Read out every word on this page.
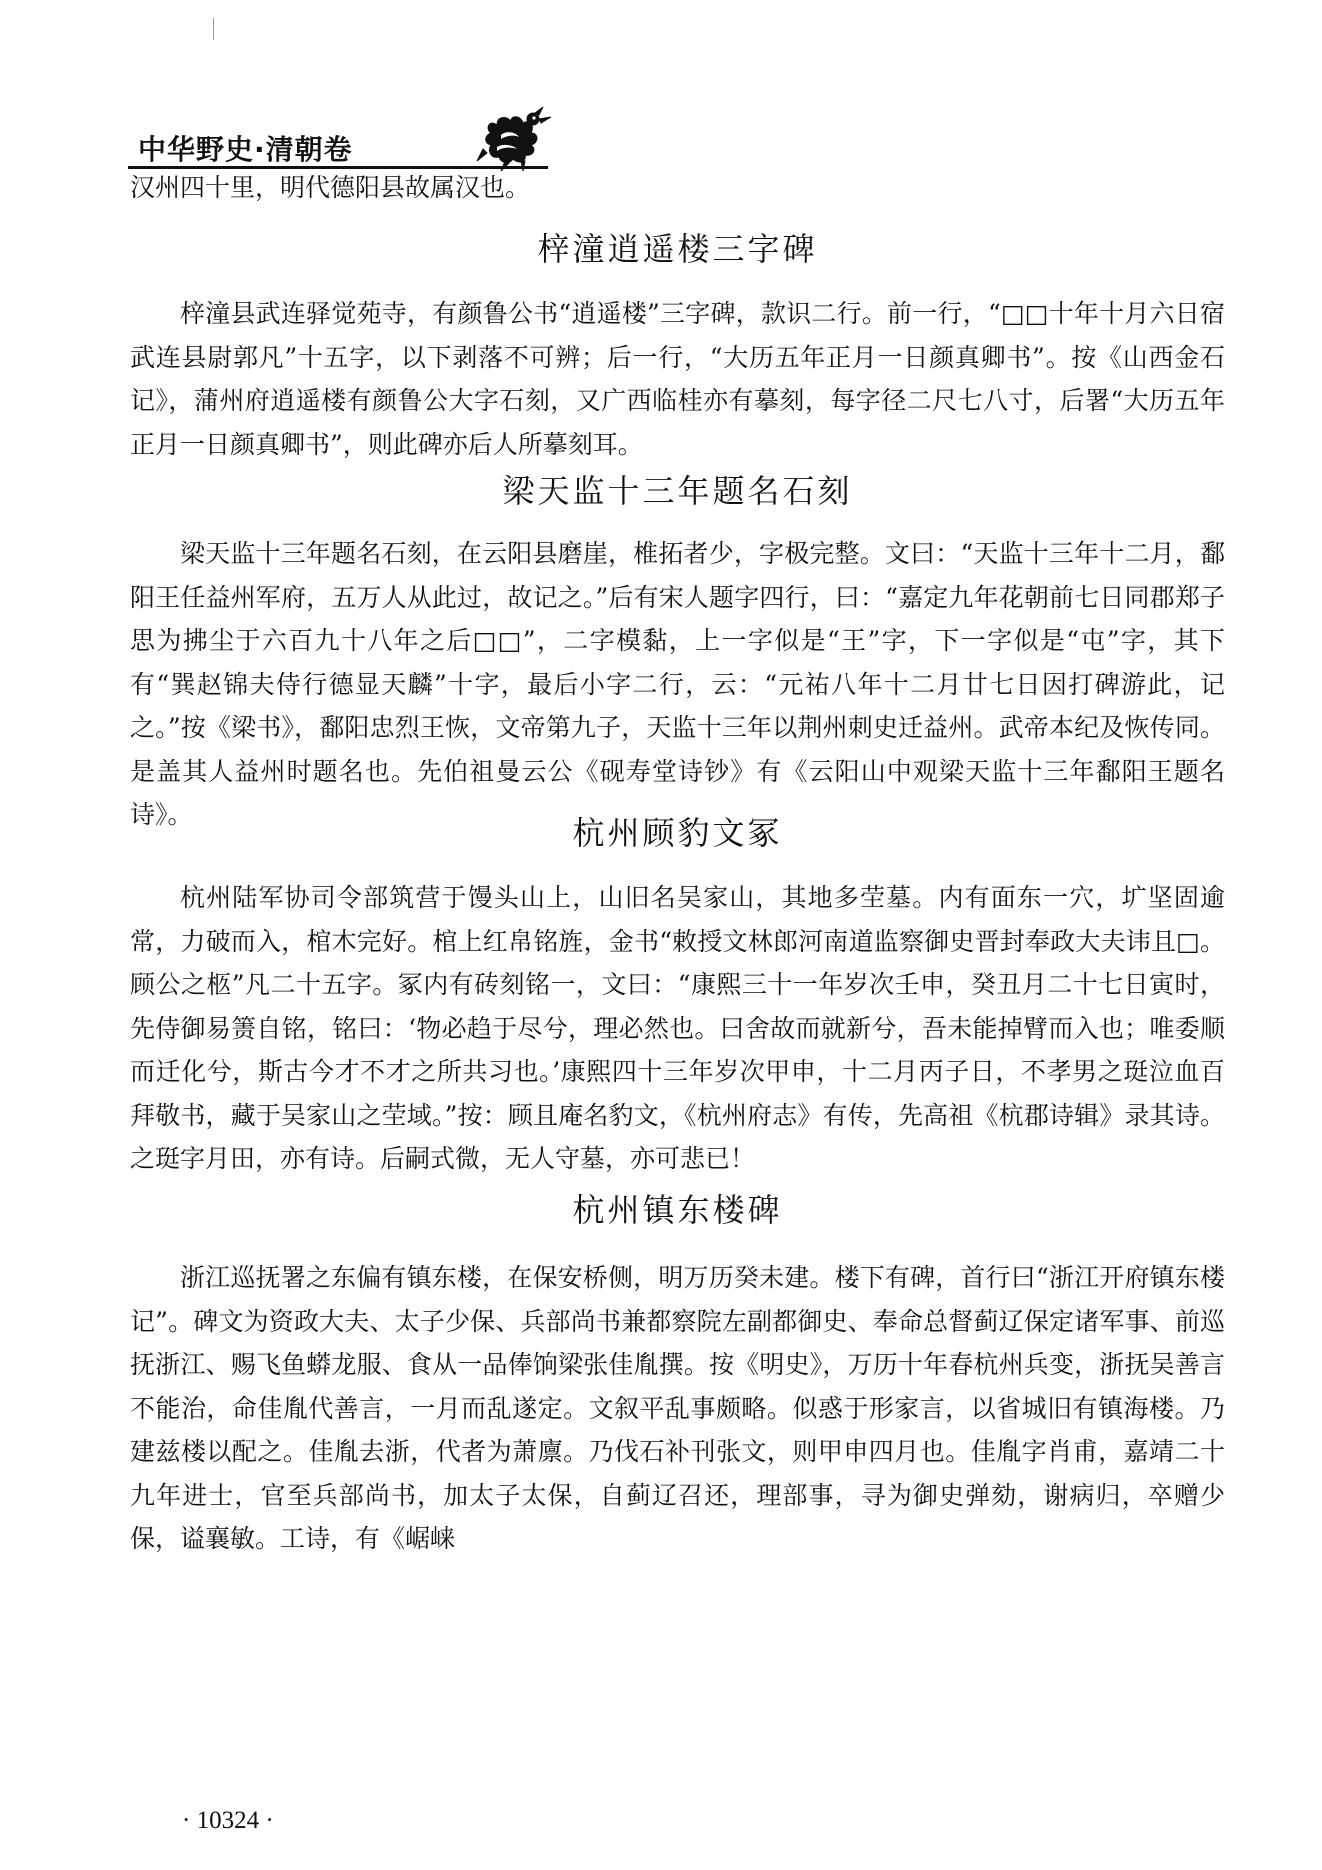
中华野史·清朝卷

汉州四十里，明代德阳县故属汉也。

梓潼逍遥楼三字碑

梓潼县武连驿觉苑寺，有颜鲁公书“逍遥楼”三字碑，款识二行。前一行，“□□十年十月六日宿武连县尉郭凡”十五字，以下剥落不可辨；后一行，“大历五年正月一日颜真卿书”。按《山西金石记》，蒲州府逍遥楼有颜鲁公大字石刻，又广西临桂亦有摹刻，每字径二尺七八寸，后署“大历五年正月一日颜真卿书”，则此碑亦后人所摹刻耳。

梁天监十三年题名石刻

梁天监十三年题名石刻，在云阳县磨崖，椎拓者少，字极完整。文曰：“天监十三年十二月，鄱阳王任益州军府，五万人从此过，故记之。”后有宋人题字四行，曰：“嘉定九年花朝前七日同郡郑子思为拂尘于六百九十八年之后□□”，二字模黏，上一字似是“王”字，下一字似是“屯”字，其下有“巽赵锦夫侍行德显天麟”十字，最后小字二行，云：“元祐八年十二月廿七日因打碑游此，记之。”按《梁书》，鄱阳忠烈王恢，文帝第九子，天监十三年以荆州刺史迁益州。武帝本纪及恢传同。是盖其人益州时题名也。先伯祖曼云公《砚寿堂诗钞》有《云阳山中观梁天监十三年鄱阳王题名诗》。	杭州顾豹文冢

杭州陆军协司令部筑营于馒头山上，山旧名吴家山，其地多茔墓。内有面东一穴，圹坚固逾常，力破而入，棺木完好。棺上红帛铭旌，金书“敕授文林郎河南道监察御史晋封奉政大夫讳且□。顾公之柩”凡二十五字。冢内有砖刻铭一，文曰：“康熙三十一年岁次壬申，癸丑月二十七日寅时，先侍御易箦自铭，铭曰：‘物必趋于尽兮，理必然也。曰舍故而就新兮，吾未能掉臂而入也；唯委顺而迁化兮，斯古今才不才之所共习也。’康熙四十三年岁次甲申，十二月丙子日，不孝男之珽泣血百拜敬书，藏于吴家山之茔域。”按：顾且庵名豹文，《杭州府志》有传，先高祖《杭郡诗辑》录其诗。之珽字月田，亦有诗。后嗣式微，无人守墓，亦可悲已！

杭州镇东楼碑

浙江巡抚署之东偏有镇东楼，在保安桥侧，明万历癸未建。楼下有碑，首行曰“浙江开府镇东楼记”。碑文为资政大夫、太子少保、兵部尚书兼都察院左副都御史、奉命总督蓟辽保定诸军事、前巡抚浙江、赐飞鱼蟒龙服、食从一品俸饷梁张佳胤撰。按《明史》，万历十年春杭州兵变，浙抚吴善言不能治，命佳胤代善言，一月而乱遂定。文叙平乱事颇略。似惑于形家言，以省城旧有镇海楼。乃建兹楼以配之。佳胤去浙，代者为萧廪。乃伐石补刊张文，则甲申四月也。佳胤字肖甫，嘉靖二十九年进士，官至兵部尚书，加太子太保，自蓟辽召还，理部事，寻为御史弹劾，谢病归，卒赠少保，谥襄敏。工诗，有《崌崃

· 10324 ·
